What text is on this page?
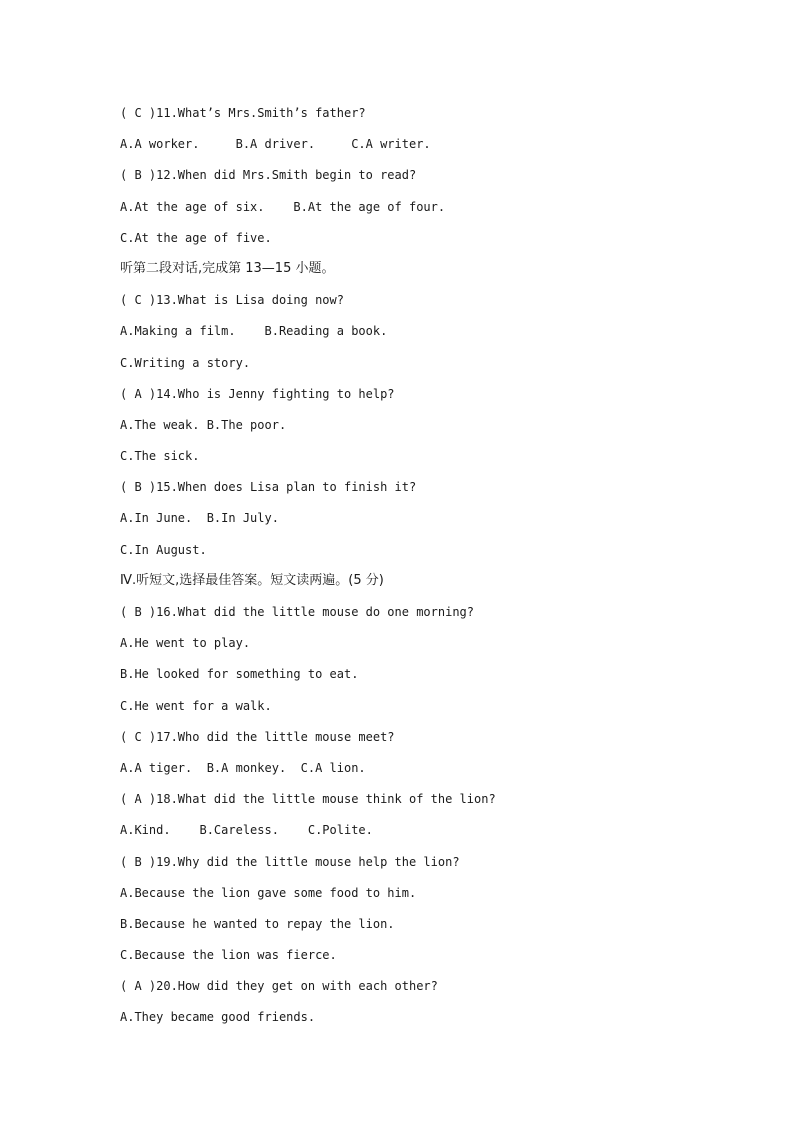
( C )11.What’s Mrs.Smith’s father?
A.A worker.     B.A driver.     C.A writer.
( B )12.When did Mrs.Smith begin to read?
A.At the age of six.    B.At the age of four.
C.At the age of five.
听第二段对话,完成第 13—15 小题。
( C )13.What is Lisa doing now?
A.Making a film.    B.Reading a book.
C.Writing a story.
( A )14.Who is Jenny fighting to help?
A.The weak. B.The poor.
C.The sick.
( B )15.When does Lisa plan to finish it?
A.In June.  B.In July.
C.In August.
Ⅳ.听短文,选择最佳答案。短文读两遍。(5 分)
( B )16.What did the little mouse do one morning?
A.He went to play.
B.He looked for something to eat.
C.He went for a walk.
( C )17.Who did the little mouse meet?
A.A tiger.  B.A monkey.  C.A lion.
( A )18.What did the little mouse think of the lion?
A.Kind.    B.Careless.    C.Polite.
( B )19.Why did the little mouse help the lion?
A.Because the lion gave some food to him.
B.Because he wanted to repay the lion.
C.Because the lion was fierce.
( A )20.How did they get on with each other?
A.They became good friends.
